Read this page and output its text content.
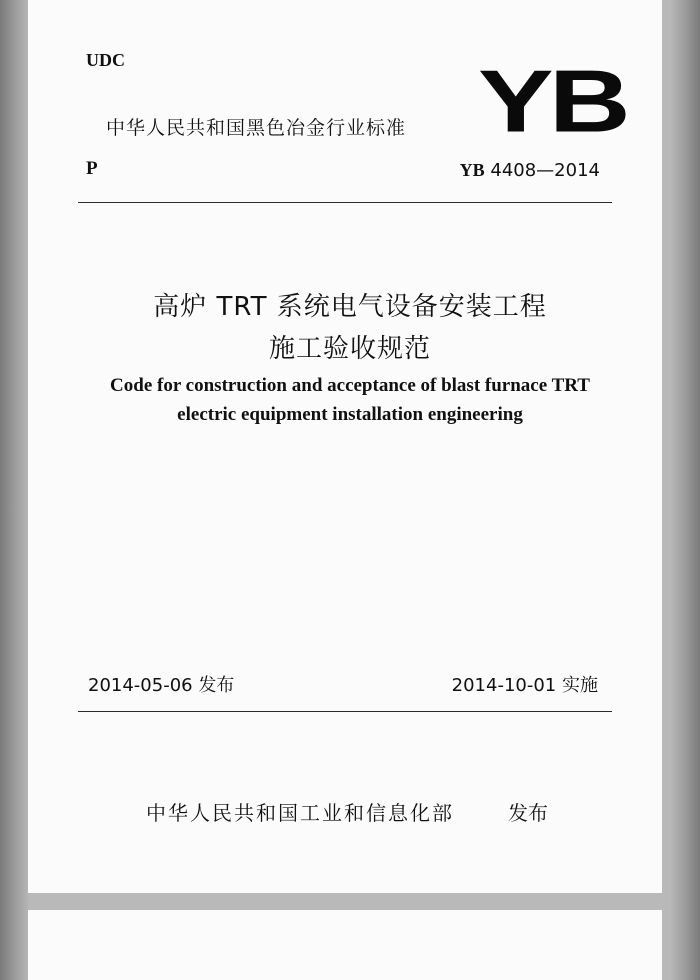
UDC
中华人民共和国黑色冶金行业标准 YB
P	YB 4408—2014
高炉 TRT 系统电气设备安装工程
施工验收规范
Code for construction and acceptance of blast furnace TRT
electric equipment installation engineering
2014-05-06 发布	2014-10-01 实施
中华人民共和国工业和信息化部	发布
